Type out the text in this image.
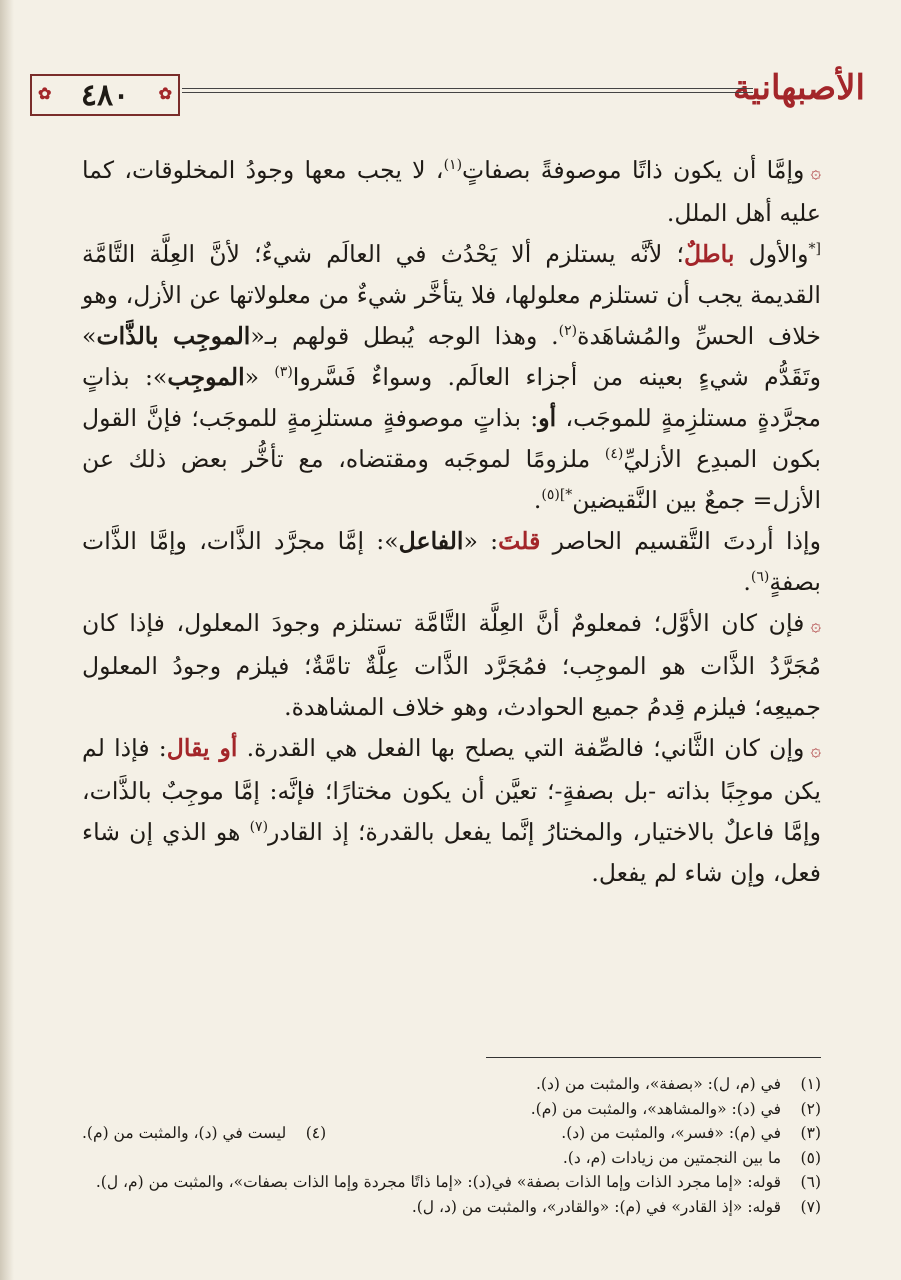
الأصبهانية
✿ ٤٨٠ ✿

۞وإمَّا أن يكون ذاتًا موصوفةً بصفاتٍ$^{(١)}$، لا يجب معها وجودُ المخلوقات، كما عليه أهل الملل.

[*والأول باطلٌ؛ لأنَّه يستلزم ألا يَحْدُث في العالَم شيءٌ؛ لأنَّ العِلَّة التَّامَّة القديمة يجب أن تستلزم معلولها، فلا يتأخَّر شيءٌ من معلولاتها عن الأزل، وهو خلاف الحسِّ والمُشاهَدة$^{(٢)}$. وهذا الوجه يُبطل قولهم بـ«الموجِب بالذَّات» وتَقَدُّم شيءٍ بعينه من أجزاء العالَم. وسواءٌ فَسَّروا$^{(٣)}$ «الموجِب»: بذاتٍ مجرَّدةٍ مستلزِمةٍ للموجَب، أو: بذاتٍ موصوفةٍ مستلزِمةٍ للموجَب؛ فإنَّ القول بكون المبدِع الأزليِّ$^{(٤)}$ ملزومًا لموجَبه ومقتضاه، مع تأخُّر بعض ذلك عن الأزل= جمعٌ بين النَّقيضين$^{*](٥)}$.

وإذا أردتَ التَّقسيم الحاصر قلتَ: «الفاعل»: إمَّا مجرَّد الذَّات، وإمَّا الذَّات بصفةٍ$^{(٦)}$.

۞فإن كان الأوَّل؛ فمعلومٌ أنَّ العِلَّة التَّامَّة تستلزم وجودَ المعلول، فإذا كان مُجَرَّدُ الذَّات هو الموجِب؛ فمُجَرَّد الذَّات عِلَّةٌ تامَّةٌ؛ فيلزم وجودُ المعلول جميعِه؛ فيلزم قِدمُ جميع الحوادث، وهو خلاف المشاهدة.

۞وإن كان الثَّاني؛ فالصِّفة التي يصلح بها الفعل هي القدرة. أو يقال: فإذا لم يكن موجِبًا بذاته -بل بصفةٍ-؛ تعيَّن أن يكون مختارًا؛ فإنَّه: إمَّا موجِبٌ بالذَّات، وإمَّا فاعلٌ بالاختيار، والمختارُ إنَّما يفعل بالقدرة؛ إذ القادر$^{(٧)}$ هو الذي إن شاء فعل، وإن شاء لم يفعل.

(١)
في (م، ل): «بصفة»، والمثبت من (د).
(٢)
في (د): «والمشاهد»، والمثبت من (م).
(٣)
في (م): «فسر»، والمثبت من (د).
(٤)
ليست في (د)، والمثبت من (م).
(٥)
ما بين النجمتين من زيادات (م، د).
(٦)
قوله: «إما مجرد الذات وإما الذات بصفة» في(د): «إما ذاتًا مجردة وإما الذات بصفات»، والمثبت من (م، ل).
(٧)
قوله: «إذ القادر» في (م): «والقادر»، والمثبت من (د، ل).
